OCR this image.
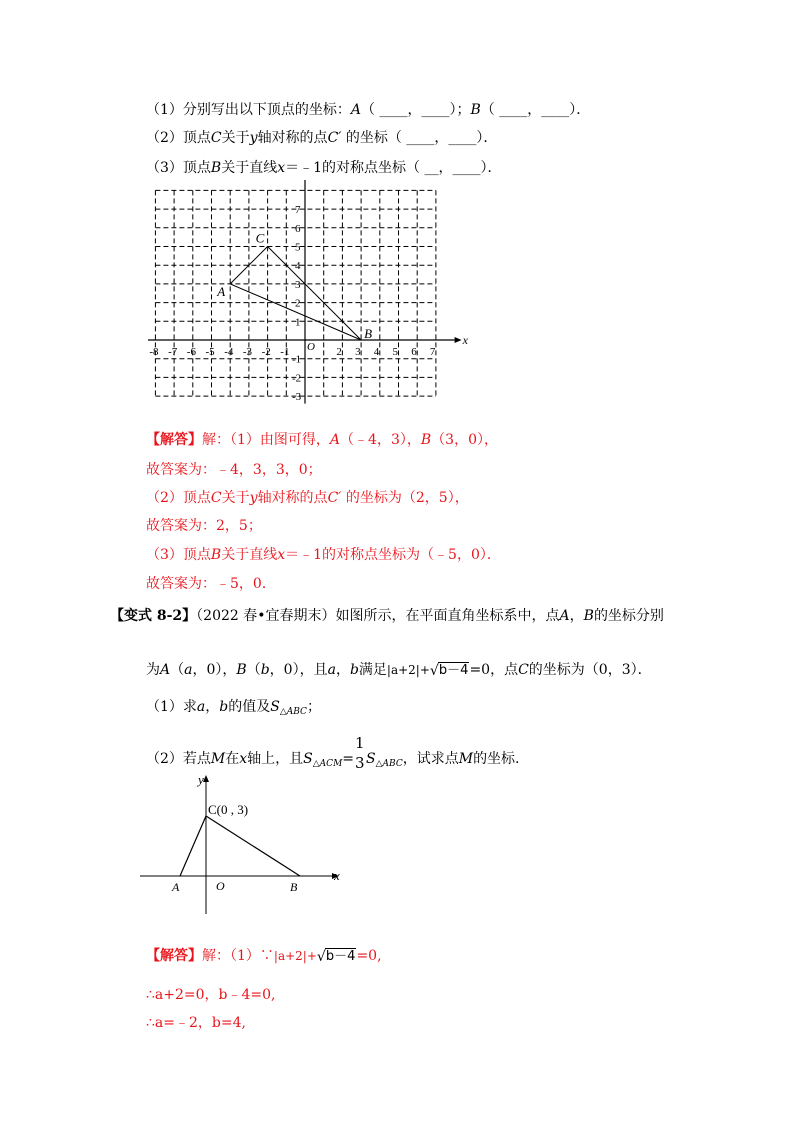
（1）分别写出以下顶点的坐标：A（ ____，____）；B（ ____，____）．
（2）顶点C关于y轴对称的点C′ 的坐标（ ____，____）．
（3）顶点B关于直线x＝﹣1的对称点坐标（ __，____）．
x
-8 -7 -6 -5 -4 -3 -2 -1 O 2 3 4 5 6 7
7
6
5
4
3
2
1
-1
-2
-3
A
B
C
【解答】解：（1）由图可得，A（﹣4，3），B（3，0），
故答案为：﹣4，3，3，0；
（2）顶点C关于y轴对称的点C′ 的坐标为（2，5），
故答案为：2，5；
（3）顶点B关于直线x＝﹣1的对称点坐标为（﹣5，0）．
故答案为：﹣5，0．
【变式 8-2】（2022 春•宜春期末）如图所示，在平面直角坐标系中，点A，B的坐标分别
为A（a，0），B（b，0），且a，b满足|a+2|+ √ b－4=0，点C的坐标为（0，3）．
（1）求a，b的值及$S_{\triangle ABC}$；
（2）若点M在x轴上，且$S_{\triangle ACM}=$
1
3 $S_{\triangle ABC}$，试求点M的坐标.
y
x
A	O	B
C(0 , 3)
【解答】解：（1）∵|a+2|+ √ b－4=0,
∴a+2=0，b﹣4=0,
∴a=﹣2，b=4,
